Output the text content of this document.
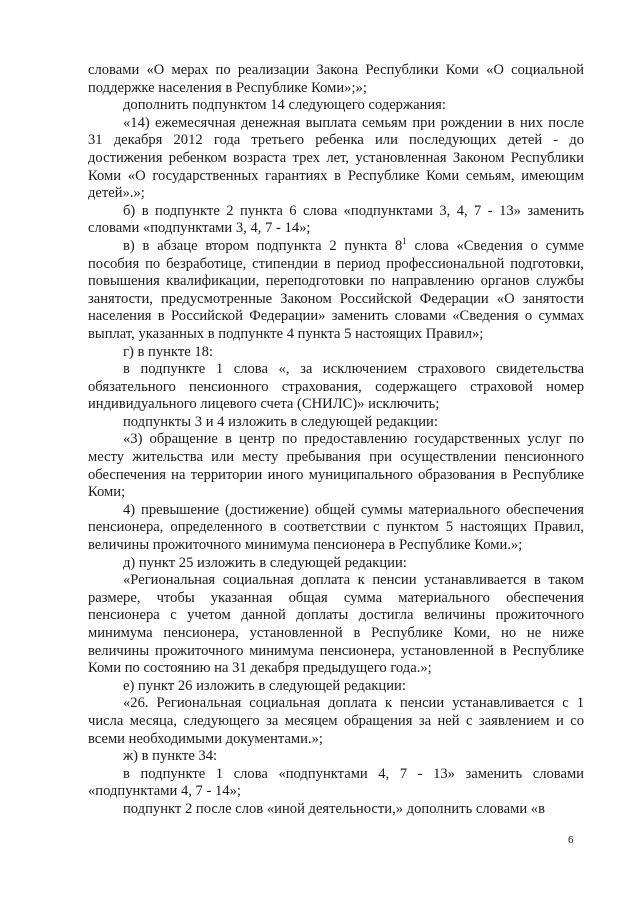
словами «О мерах по реализации Закона Республики Коми «О социальной поддержке населения в Республике Коми»;»;

дополнить подпунктом 14 следующего содержания:

«14) ежемесячная денежная выплата семьям при рождении в них после 31 декабря 2012 года третьего ребенка или последующих детей - до достижения ребенком возраста трех лет, установленная Законом Республики Коми «О государственных гарантиях в Республике Коми семьям, имеющим детей».»;

б) в подпункте 2 пункта 6 слова «подпунктами 3, 4, 7 - 13» заменить словами «подпунктами 3, 4, 7 - 14»;

в) в абзаце втором подпункта 2 пункта $8^1$ слова «Сведения о сумме пособия по безработице, стипендии в период профессиональной подготовки, повышения квалификации, переподготовки по направлению органов службы занятости, предусмотренные Законом Российской Федерации «О занятости населения в Российской Федерации» заменить словами «Сведения о суммах выплат, указанных в подпункте 4 пункта 5 настоящих Правил»;

г) в пункте 18:

в подпункте 1 слова «, за исключением страхового свидетельства обязательного пенсионного страхования, содержащего страховой номер индивидуального лицевого счета (СНИЛС)» исключить;

подпункты 3 и 4 изложить в следующей редакции:

«3) обращение в центр по предоставлению государственных услуг по месту жительства или месту пребывания при осуществлении пенсионного обеспечения на территории иного муниципального образования в Республике Коми;

4) превышение (достижение) общей суммы материального обеспечения пенсионера, определенного в соответствии с пунктом 5 настоящих Правил, величины прожиточного минимума пенсионера в Республике Коми.»;

д) пункт 25 изложить в следующей редакции:

«Региональная социальная доплата к пенсии устанавливается в таком размере, чтобы указанная общая сумма материального обеспечения пенсионера с учетом данной доплаты достигла величины прожиточного минимума пенсионера, установленной в Республике Коми, но не ниже величины прожиточного минимума пенсионера, установленной в Республике Коми по состоянию на 31 декабря предыдущего года.»;

е) пункт 26 изложить в следующей редакции:

«26. Региональная социальная доплата к пенсии устанавливается с 1 числа месяца, следующего за месяцем обращения за ней с заявлением и со всеми необходимыми документами.»;

ж) в пункте 34:

в подпункте 1 слова «подпунктами 4, 7 - 13» заменить словами «подпунктами 4, 7 - 14»;

подпункт 2 после слов «иной деятельности,» дополнить словами «в

6
